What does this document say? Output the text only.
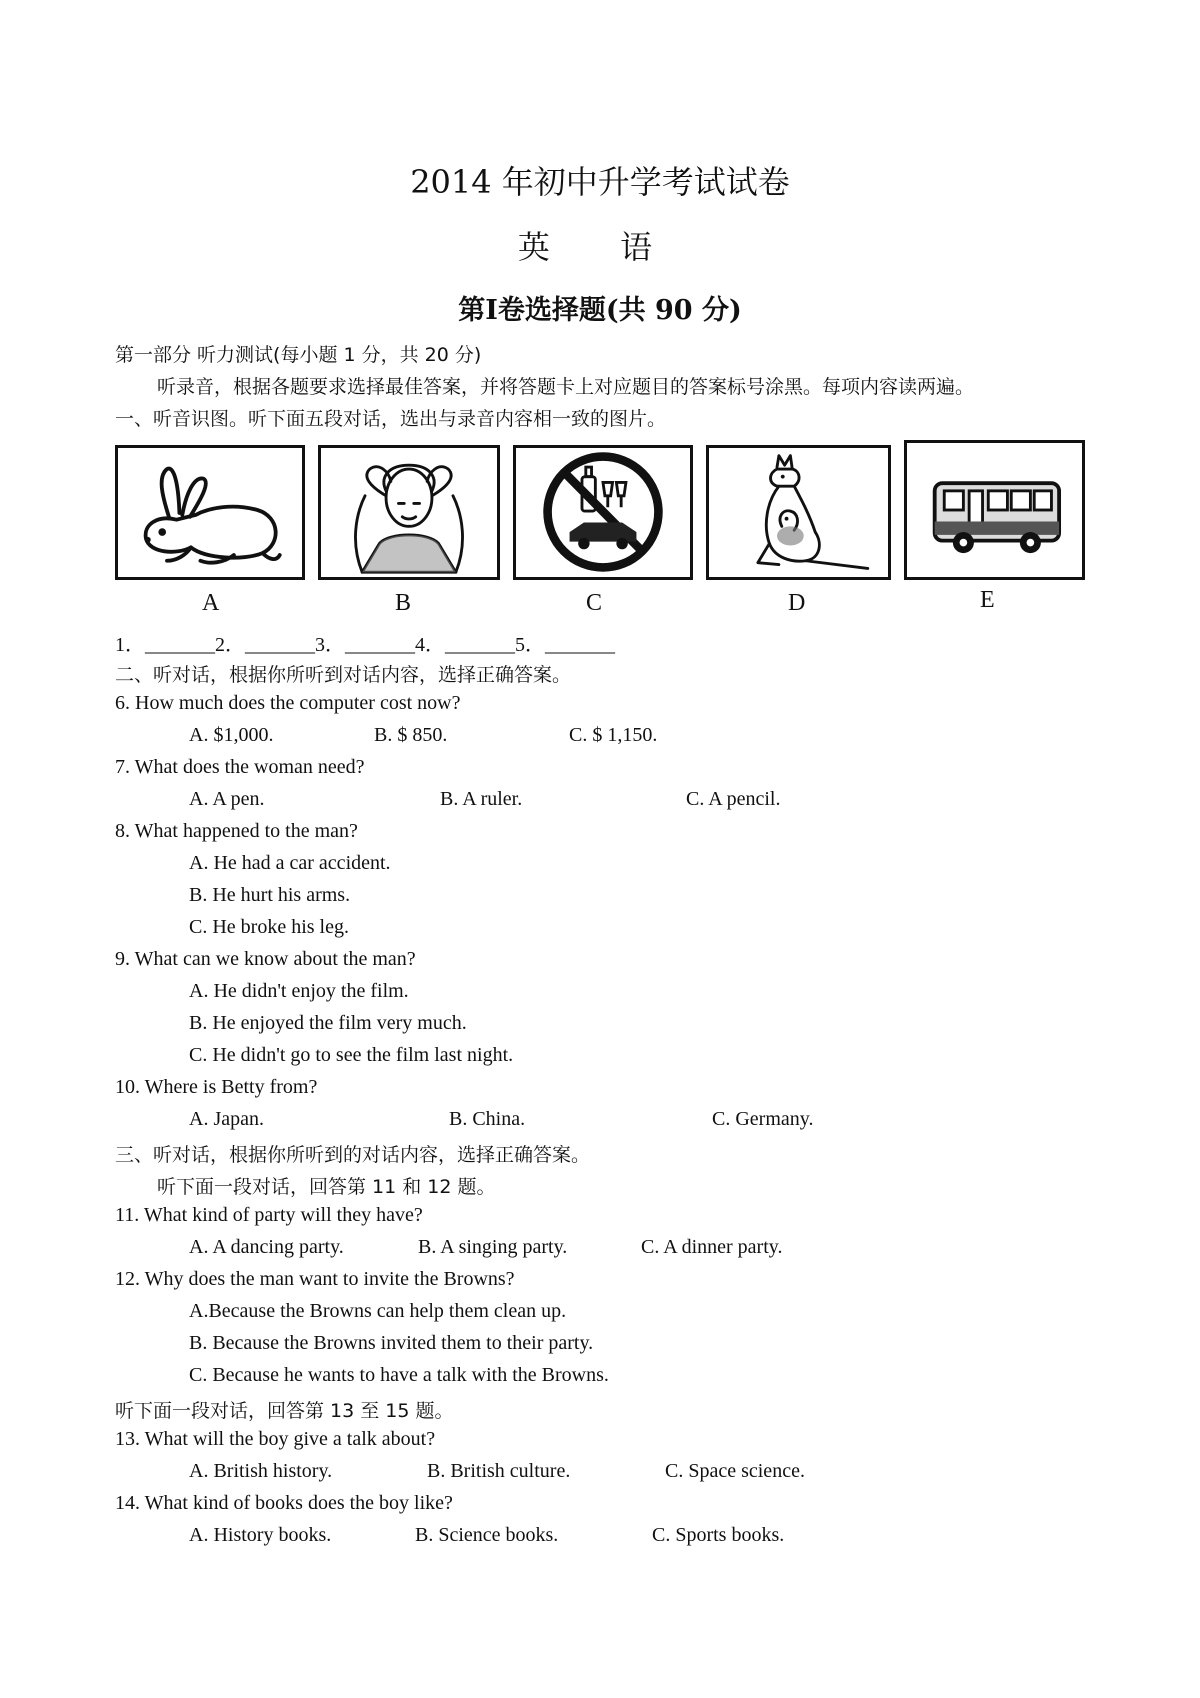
2014 年初中升学考试试卷
英 语
第Ⅰ卷选择题(共 90 分)
第一部分 听力测试(每小题 1 分，共 20 分)
听录音，根据各题要求选择最佳答案，并将答题卡上对应题目的答案标号涂黑。每项内容读两遍。
一、听音识图。听下面五段对话，选出与录音内容相一致的图片。
A	B	C	D	E
1．_______2．_______3．_______4．_______5．_______
二、听对话，根据你所听到对话内容，选择正确答案。
6. How much does the computer cost now?
A. $1,000.	B. $ 850.	C. $ 1,150.
7. What does the woman need?
A. A pen.	B. A ruler.	C. A pencil.
8. What happened to the man?
A. He had a car accident.
B. He hurt his arms.
C. He broke his leg.
9. What can we know about the man?
A. He didn't enjoy the film.
B. He enjoyed the film very much.
C. He didn't go to see the film last night.
10. Where is Betty from?
A. Japan.	B. China.	C. Germany.
三、听对话，根据你所听到的对话内容，选择正确答案。
听下面一段对话，回答第 11 和 12 题。
11. What kind of party will they have?
A. A dancing party.	B. A singing party.	C. A dinner party.
12. Why does the man want to invite the Browns?
A.Because the Browns can help them clean up.
B. Because the Browns invited them to their party.
C. Because he wants to have a talk with the Browns.
听下面一段对话，回答第 13 至 15 题。
13. What will the boy give a talk about?
A. British history.	B. British culture.	C. Space science.
14. What kind of books does the boy like?
A. History books.	B. Science books.	C. Sports books.
